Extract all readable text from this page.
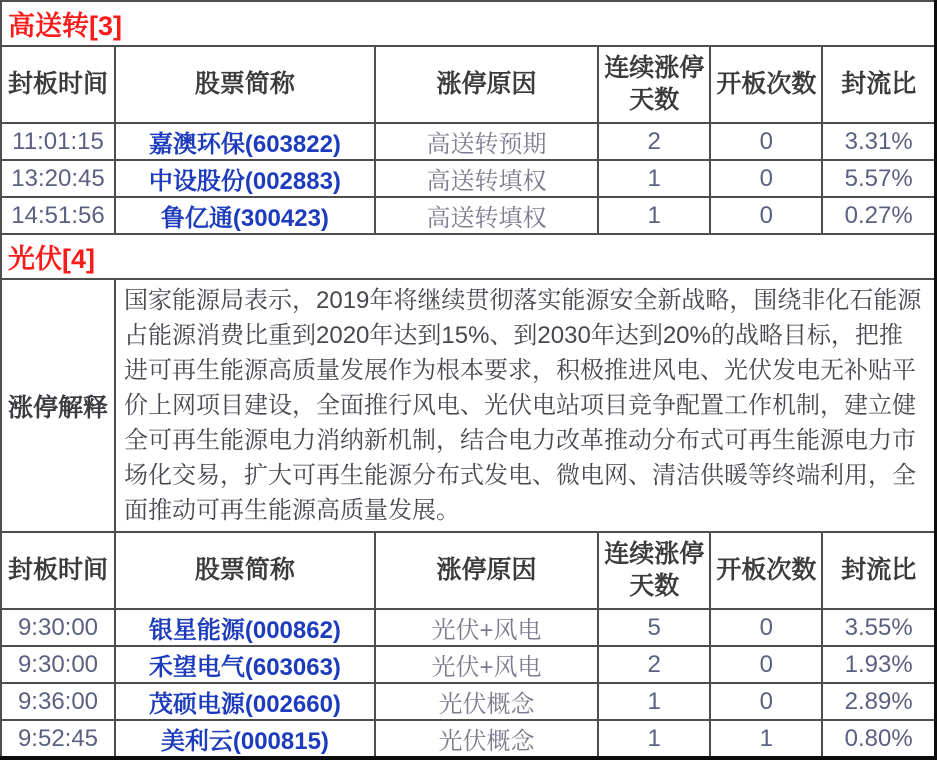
高送转[3]					
封板时间	股票简称	涨停原因	连续涨停天数	开板次数	封流比
11:01:15	嘉澳环保(603822)	高送转预期	2	0	3.31%
13:20:45	中设股份(002883)	高送转填权	1	0	5.57%
14:51:56	鲁亿通(300423)	高送转填权	1	0	0.27%
光伏[4]					
涨停解释	国家能源局表示，2019年将继续贯彻落实能源安全新战略，围绕非化石能源占能源消费比重到2020年达到15%、到2030年达到20%的战略目标，把推进可再生能源高质量发展作为根本要求，积极推进风电、光伏发电无补贴平价上网项目建设，全面推行风电、光伏电站项目竞争配置工作机制，建立健全可再生能源电力消纳新机制，结合电力改革推动分布式可再生能源电力市场化交易，扩大可再生能源分布式发电、微电网、清洁供暖等终端利用，全面推动可再生能源高质量发展。				
封板时间	股票简称	涨停原因	连续涨停天数	开板次数	封流比
9:30:00	银星能源(000862)	光伏+风电	5	0	3.55%
9:30:00	禾望电气(603063)	光伏+风电	2	0	1.93%
9:36:00	茂硕电源(002660)	光伏概念	1	0	2.89%
9:52:45	美利云(000815)	光伏概念	1	1	0.80%
